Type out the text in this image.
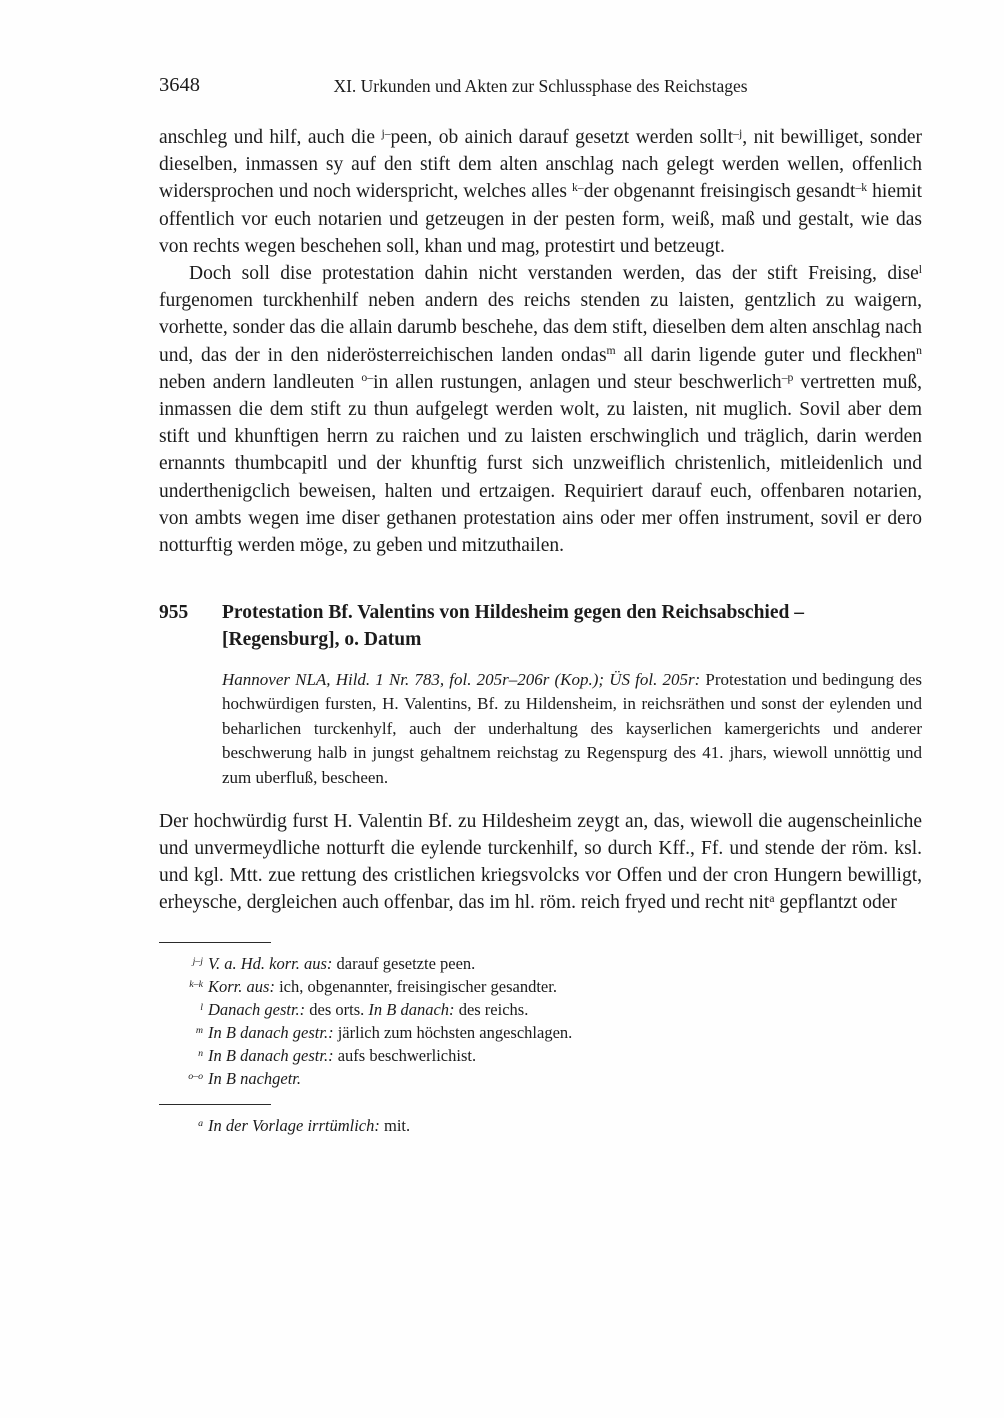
3648	XI. Urkunden und Akten zur Schlussphase des Reichstages

anschleg und hilf, auch die $^{j-}$peen, ob ainich darauf gesetzt werden sollt$^{-j}$, nit bewilliget, sonder dieselben, inmassen sy auf den stift dem alten anschlag nach gelegt werden wellen, offenlich widersprochen und noch widerspricht, welches alles $^{k-}$der obgenannt freisingisch gesandt$^{-k}$ hiemit offentlich vor euch notarien und getzeugen in der pesten form, weiß, maß und gestalt, wie das von rechts wegen beschehen soll, khan und mag, protestirt und betzeugt.

Doch soll dise protestation dahin nicht verstanden werden, das der stift Freising, dise$^l$ furgenomen turckhenhilf neben andern des reichs stenden zu laisten, gentzlich zu waigern, vorhette, sonder das die allain darumb beschehe, das dem stift, dieselben dem alten anschlag nach und, das der in den niderösterreichischen landen ondas$^m$ all darin ligende guter und fleckhen$^n$ neben andern landleuten $^{o-}$in allen rustungen, anlagen und steur beschwerlich$^{-p}$ vertretten muß, inmassen die dem stift zu thun aufgelegt werden wolt, zu laisten, nit muglich. Sovil aber dem stift und khunftigen herrn zu raichen und zu laisten erschwinglich und träglich, darin werden ernannts thumbcapitl und der khunftig furst sich unzweiflich christenlich, mitleidenlich und underthenigclich beweisen, halten und ertzaigen. Requiriert darauf euch, offenbaren notarien, von ambts wegen ime diser gethanen protestation ains oder mer offen instrument, sovil er dero notturftig werden möge, zu geben und mitzuthailen.

955	Protestation Bf. Valentins von Hildesheim gegen den Reichsabschied – [Regensburg], o. Datum

Hannover NLA, Hild. 1 Nr. 783, fol. 205r–206r (Kop.); ÜS fol. 205r: Protestation und bedingung des hochwürdigen fursten, H. Valentins, Bf. zu Hildensheim, in reichsräthen und sonst der eylenden und beharlichen turckenhylf, auch der underhaltung des kayserlichen kamergerichts und anderer beschwerung halb in jungst gehaltnem reichstag zu Regenspurg des 41. jhars, wiewoll unnöttig und zum uberfluß, bescheen.

Der hochwürdig furst H. Valentin Bf. zu Hildesheim zeygt an, das, wiewoll die augenscheinliche und unvermeydliche notturft die eylende turckenhilf, so durch Kff., Ff. und stende der röm. ksl. und kgl. Mtt. zue rettung des cristlichen kriegsvolcks vor Offen und der cron Hungern bewilligt, erheysche, dergleichen auch offenbar, das im hl. röm. reich fryed und recht nit$^a$ gepflantzt oder

$^{j-j}$ V. a. Hd. korr. aus: darauf gesetzte peen.
$^{k-k}$ Korr. aus: ich, obgenannter, freisingischer gesandter.
$^l$ Danach gestr.: des orts. In B danach: des reichs.
$^m$ In B danach gestr.: järlich zum höchsten angeschlagen.
$^n$ In B danach gestr.: aufs beschwerlichist.
$^{o-o}$ In B nachgetr.
$^a$ In der Vorlage irrtümlich: mit.
